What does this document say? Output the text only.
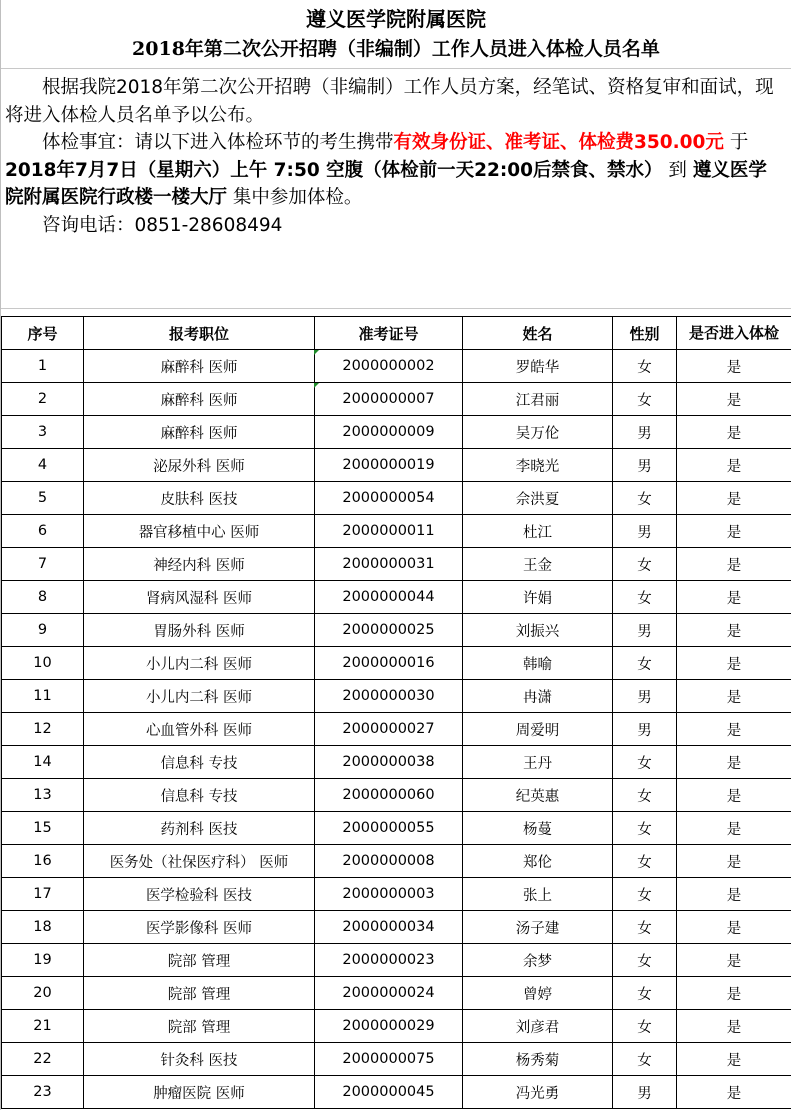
遵义医学院附属医院
2018年第二次公开招聘（非编制）工作人员进入体检人员名单

根据我院2018年第二次公开招聘（非编制）工作人员方案，经笔试、资格复审和面试，现将进入体检人员名单予以公布。

体检事宜：请以下进入体检环节的考生携带有效身份证、准考证、体检费350.00元 于 2018年7月7日（星期六）上午 7:50 空腹（体检前一天22:00后禁食、禁水） 到 遵义医学院附属医院行政楼一楼大厅 集中参加体检。

咨询电话：0851-28608494

序号	报考职位	准考证号	姓名	性别	是否进入体检
1	麻醉科 医师	2000000002	罗皓华	女	是
2	麻醉科 医师	2000000007	江君丽	女	是
3	麻醉科 医师	2000000009	吴万伦	男	是
4	泌尿外科 医师	2000000019	李晓光	男	是
5	皮肤科 医技	2000000054	佘洪夏	女	是
6	器官移植中心 医师	2000000011	杜江	男	是
7	神经内科 医师	2000000031	王金	女	是
8	肾病风湿科 医师	2000000044	许娟	女	是
9	胃肠外科 医师	2000000025	刘振兴	男	是
10	小儿内二科 医师	2000000016	韩喻	女	是
11	小儿内二科 医师	2000000030	冉潇	男	是
12	心血管外科 医师	2000000027	周爱明	男	是
14	信息科 专技	2000000038	王丹	女	是
13	信息科 专技	2000000060	纪英惠	女	是
15	药剂科 医技	2000000055	杨蔓	女	是
16	医务处（社保医疗科） 医师	2000000008	郑伦	女	是
17	医学检验科 医技	2000000003	张上	女	是
18	医学影像科 医师	2000000034	汤子建	女	是
19	院部 管理	2000000023	余梦	女	是
20	院部 管理	2000000024	曾婷	女	是
21	院部 管理	2000000029	刘彦君	女	是
22	针灸科 医技	2000000075	杨秀菊	女	是
23	肿瘤医院 医师	2000000045	冯光勇	男	是
